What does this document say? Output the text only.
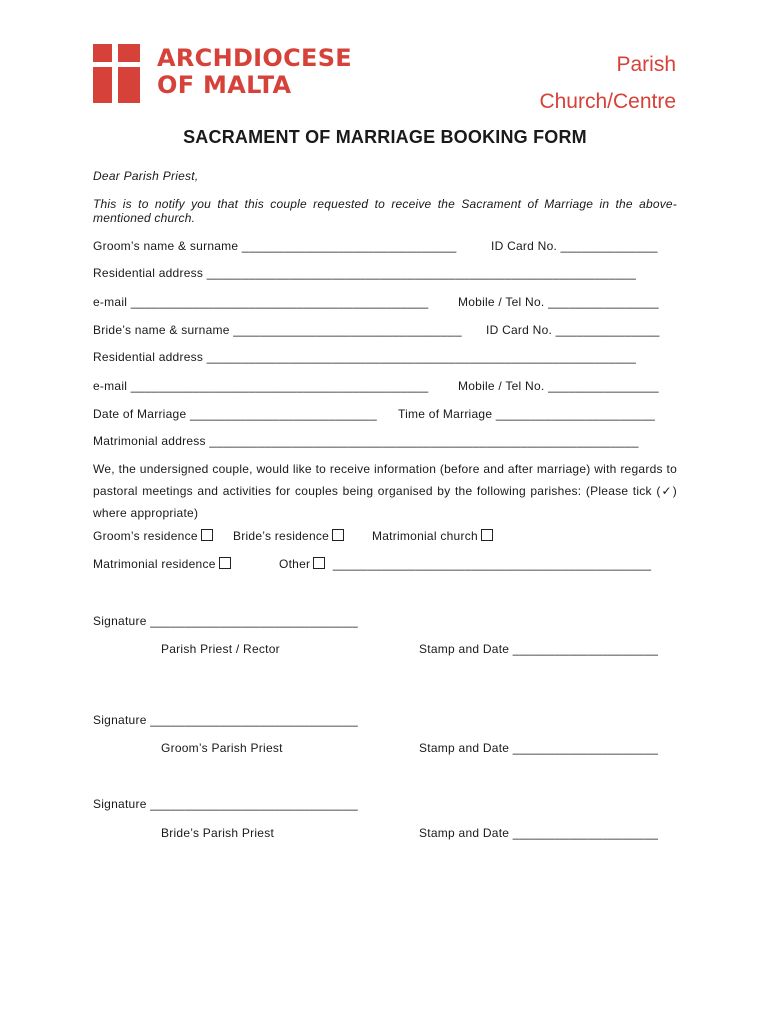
ARCHDIOCESE
OF MALTA
Parish
Church/Centre
SACRAMENT OF MARRIAGE BOOKING FORM
Dear Parish Priest,
This is to notify you that this couple requested to receive the Sacrament of Marriage in the above-mentioned church.
Groom’s name & surname _______________________________	ID Card No. ______________
Residential address ______________________________________________________________
e-mail ___________________________________________ Mobile / Tel No. ________________
Bride’s name & surname _________________________________ ID Card No. _______________
Residential address ______________________________________________________________
e-mail ___________________________________________ Mobile / Tel No. ________________
Date of Marriage ___________________________ Time of Marriage _______________________
Matrimonial address ______________________________________________________________
We, the undersigned couple, would like to receive information (before and after marriage) with regards to pastoral meetings and activities for couples being organised by the following parishes: (Please tick (✓) where appropriate)
Groom’s residence	Bride’s residence	Matrimonial church
Matrimonial residence	Other ______________________________________________
Signature ______________________________
Parish Priest / Rector	Stamp and Date _____________________
Signature ______________________________
Groom’s Parish Priest	Stamp and Date _____________________
Signature ______________________________
Bride’s Parish Priest	Stamp and Date _____________________
